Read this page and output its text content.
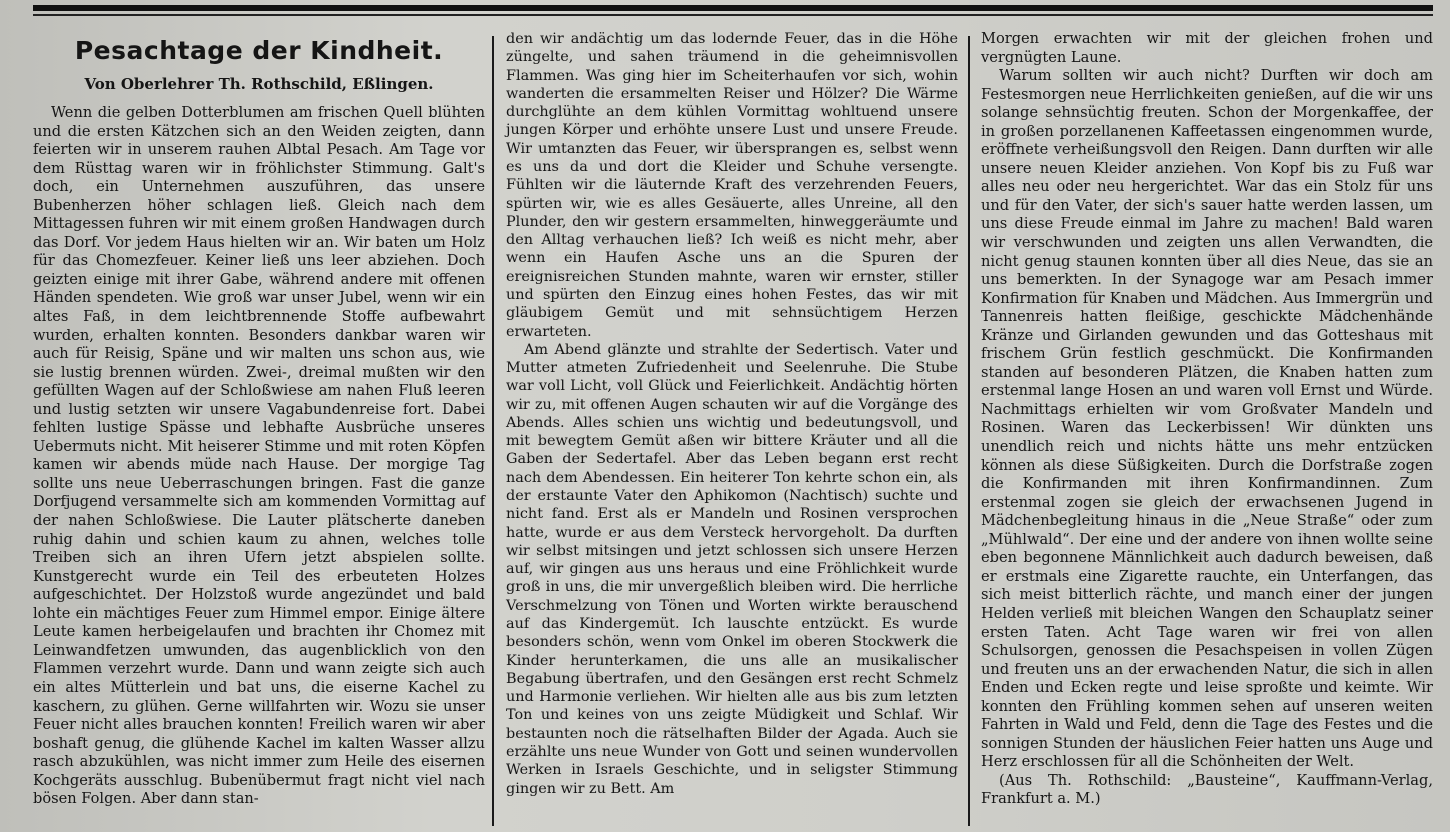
Pesachtage der Kindheit.
Von Oberlehrer Th. Rothschild, Eßlingen.

Wenn die gelben Dotterblumen am frischen Quell blühten und die ersten Kätzchen sich an den Weiden zeigten, dann feierten wir in unserem rauhen Albtal Pesach. Am Tage vor dem Rüsttag waren wir in fröhlichster Stimmung. Galt's doch, ein Unternehmen auszuführen, das unsere Bubenherzen höher schlagen ließ. Gleich nach dem Mittagessen fuhren wir mit einem großen Handwagen durch das Dorf. Vor jedem Haus hielten wir an. Wir baten um Holz für das Chomezfeuer. Keiner ließ uns leer abziehen. Doch geizten einige mit ihrer Gabe, während andere mit offenen Händen spendeten. Wie groß war unser Jubel, wenn wir ein altes Faß, in dem leichtbrennende Stoffe aufbewahrt wurden, erhalten konnten. Besonders dankbar waren wir auch für Reisig, Späne und wir malten uns schon aus, wie sie lustig brennen würden. Zwei-, dreimal mußten wir den gefüllten Wagen auf der Schloßwiese am nahen Fluß leeren und lustig setzten wir unsere Vagabundenreise fort. Dabei fehlten lustige Spässe und lebhafte Ausbrüche unseres Uebermuts nicht. Mit heiserer Stimme und mit roten Köpfen kamen wir abends müde nach Hause. Der morgige Tag sollte uns neue Ueberraschungen bringen. Fast die ganze Dorfjugend versammelte sich am kommenden Vormittag auf der nahen Schloßwiese. Die Lauter plätscherte daneben ruhig dahin und schien kaum zu ahnen, welches tolle Treiben sich an ihren Ufern jetzt abspielen sollte. Kunstgerecht wurde ein Teil des erbeuteten Holzes aufgeschichtet. Der Holzstoß wurde angezündet und bald lohte ein mächtiges Feuer zum Himmel empor. Einige ältere Leute kamen herbeigelaufen und brachten ihr Chomez mit Leinwandfetzen umwunden, das augenblicklich von den Flammen verzehrt wurde. Dann und wann zeigte sich auch ein altes Mütterlein und bat uns, die eiserne Kachel zu kaschern, zu glühen. Gerne willfahrten wir. Wozu sie unser Feuer nicht alles brauchen konnten! Freilich waren wir aber boshaft genug, die glühende Kachel im kalten Wasser allzu rasch abzukühlen, was nicht immer zum Heile des eisernen Kochgeräts ausschlug. Bubenübermut fragt nicht viel nach bösen Folgen. Aber dann stan-

den wir andächtig um das lodernde Feuer, das in die Höhe züngelte, und sahen träumend in die geheimnisvollen Flammen. Was ging hier im Scheiterhaufen vor sich, wohin wanderten die ersammelten Reiser und Hölzer? Die Wärme durchglühte an dem kühlen Vormittag wohltuend unsere jungen Körper und erhöhte unsere Lust und unsere Freude. Wir umtanzten das Feuer, wir übersprangen es, selbst wenn es uns da und dort die Kleider und Schuhe versengte. Fühlten wir die läuternde Kraft des verzehrenden Feuers, spürten wir, wie es alles Gesäuerte, alles Unreine, all den Plunder, den wir gestern ersammelten, hinweggeräumte und den Alltag verhauchen ließ? Ich weiß es nicht mehr, aber wenn ein Haufen Asche uns an die Spuren der ereignisreichen Stunden mahnte, waren wir ernster, stiller und spürten den Einzug eines hohen Festes, das wir mit gläubigem Gemüt und mit sehnsüchtigem Herzen erwarteten.

Am Abend glänzte und strahlte der Sedertisch. Vater und Mutter atmeten Zufriedenheit und Seelenruhe. Die Stube war voll Licht, voll Glück und Feierlichkeit. Andächtig hörten wir zu, mit offenen Augen schauten wir auf die Vorgänge des Abends. Alles schien uns wichtig und bedeutungsvoll, und mit bewegtem Gemüt aßen wir bittere Kräuter und all die Gaben der Sedertafel. Aber das Leben begann erst recht nach dem Abendessen. Ein heiterer Ton kehrte schon ein, als der erstaunte Vater den Aphikomon (Nachtisch) suchte und nicht fand. Erst als er Mandeln und Rosinen versprochen hatte, wurde er aus dem Versteck hervorgeholt. Da durften wir selbst mitsingen und jetzt schlossen sich unsere Herzen auf, wir gingen aus uns heraus und eine Fröhlichkeit wurde groß in uns, die mir unvergeßlich bleiben wird. Die herrliche Verschmelzung von Tönen und Worten wirkte berauschend auf das Kindergemüt. Ich lauschte entzückt. Es wurde besonders schön, wenn vom Onkel im oberen Stockwerk die Kinder herunterkamen, die uns alle an musikalischer Begabung übertrafen, und den Gesängen erst recht Schmelz und Harmonie verliehen. Wir hielten alle aus bis zum letzten Ton und keines von uns zeigte Müdigkeit und Schlaf. Wir bestaunten noch die rätselhaften Bilder der Agada. Auch sie erzählte uns neue Wunder von Gott und seinen wundervollen Werken in Israels Geschichte, und in seligster Stimmung gingen wir zu Bett. Am

Morgen erwachten wir mit der gleichen frohen und vergnügten Laune.

Warum sollten wir auch nicht? Durften wir doch am Festesmorgen neue Herrlichkeiten genießen, auf die wir uns solange sehnsüchtig freuten. Schon der Morgenkaffee, der in großen porzellanenen Kaffeetassen eingenommen wurde, eröffnete verheißungsvoll den Reigen. Dann durften wir alle unsere neuen Kleider anziehen. Von Kopf bis zu Fuß war alles neu oder neu hergerichtet. War das ein Stolz für uns und für den Vater, der sich's sauer hatte werden lassen, um uns diese Freude einmal im Jahre zu machen! Bald waren wir verschwunden und zeigten uns allen Verwandten, die nicht genug staunen konnten über all dies Neue, das sie an uns bemerkten. In der Synagoge war am Pesach immer Konfirmation für Knaben und Mädchen. Aus Immergrün und Tannenreis hatten fleißige, geschickte Mädchenhände Kränze und Girlanden gewunden und das Gotteshaus mit frischem Grün festlich geschmückt. Die Konfirmanden standen auf besonderen Plätzen, die Knaben hatten zum erstenmal lange Hosen an und waren voll Ernst und Würde. Nachmittags erhielten wir vom Großvater Mandeln und Rosinen. Waren das Leckerbissen! Wir dünkten uns unendlich reich und nichts hätte uns mehr entzücken können als diese Süßigkeiten. Durch die Dorfstraße zogen die Konfirmanden mit ihren Konfirmandinnen. Zum erstenmal zogen sie gleich der erwachsenen Jugend in Mädchenbegleitung hinaus in die „Neue Straße“ oder zum „Mühlwald“. Der eine und der andere von ihnen wollte seine eben begonnene Männlichkeit auch dadurch beweisen, daß er erstmals eine Zigarette rauchte, ein Unterfangen, das sich meist bitterlich rächte, und manch einer der jungen Helden verließ mit bleichen Wangen den Schauplatz seiner ersten Taten. Acht Tage waren wir frei von allen Schulsorgen, genossen die Pesachspeisen in vollen Zügen und freuten uns an der erwachenden Natur, die sich in allen Enden und Ecken regte und leise sproßte und keimte. Wir konnten den Frühling kommen sehen auf unseren weiten Fahrten in Wald und Feld, denn die Tage des Festes und die sonnigen Stunden der häuslichen Feier hatten uns Auge und Herz erschlossen für all die Schönheiten der Welt.

(Aus Th. Rothschild: „Bausteine“, Kauffmann-Verlag, Frankfurt a. M.)
